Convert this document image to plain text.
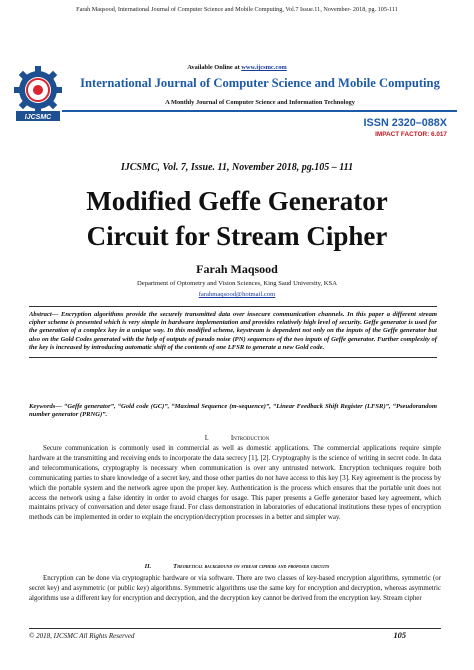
Farah Maqsood, International Journal of Computer Science and Mobile Computing, Vol.7 Issue.11, November- 2018, pg. 105-111
IJCSMC
Available Online at www.ijcsmc.com
International Journal of Computer Science and Mobile Computing
A Monthly Journal of Computer Science and Information Technology
ISSN 2320–088X
IMPACT FACTOR: 6.017
IJCSMC, Vol. 7, Issue. 11, November 2018, pg.105 – 111
Modified Geffe Generator
Circuit for Stream Cipher
Farah Maqsood
Department of Optometry and Vision Sciences, King Saud University, KSA
farahmaqsood@hotmail.com
Abstract— Encryption algorithms provide the securely transmitted data over insecure communication channels. In this paper a different stream cipher scheme is presented which is very simple in hardware implementation and provides relatively high level of security. Geffe generator is used for the generation of a complex key in a unique way. In this modified scheme, keystream is dependent not only on the inputs of the Geffe generator but also on the Gold Codes generated with the help of outputs of pseudo noise (PN) sequences of the two inputs of Geffe generator. Further complexity of the key is increased by introducing automatic shift of the contents of one LFSR to generate a new Gold code.
Keywords— “Geffe generator”, “Gold code (GC)”, “Maximal Sequence (m-sequence)”, “Linear Feedback Shift Register (LFSR)”, “Pseudorandom number generator (PRNG)”.
I.	Introduction
Secure communication is commonly used in commercial as well as domestic applications. The commercial applications require simple hardware at the transmitting and receiving ends to incorporate the data secrecy [1], [2]. Cryptography is the science of writing in secret code. In data and telecommunications, cryptography is necessary when communication is over any untrusted network. Encryption techniques require both communicating parties to share knowledge of a secret key, and those other parties do not have access to this key [3]. Key agreement is the process by which the portable system and the network agree upon the proper key. Authentication is the process which ensures that the portable unit does not access the network using a false identity in order to avoid charges for usage. This paper presents a Geffe generator based key agreement, which maintains privacy of conversation and deter usage fraud. For class demonstration in laboratories of educational institutions these types of encryption methods can be implemented in order to explain the encryption/decryption processes in a better and simpler way.
II.	Theoretical background on stream ciphers and proposed circuits
Encryption can be done via cryptographic hardware or via software. There are two classes of key-based encryption algorithms, symmetric (or secret key) and asymmetric (or public key) algorithms. Symmetric algorithms use the same key for encryption and decryption, whereas asymmetric algorithms use a different key for encryption and decryption, and the decryption key cannot be derived from the encryption key. Stream cipher
© 2018, IJCSMC All Rights Reserved	105
